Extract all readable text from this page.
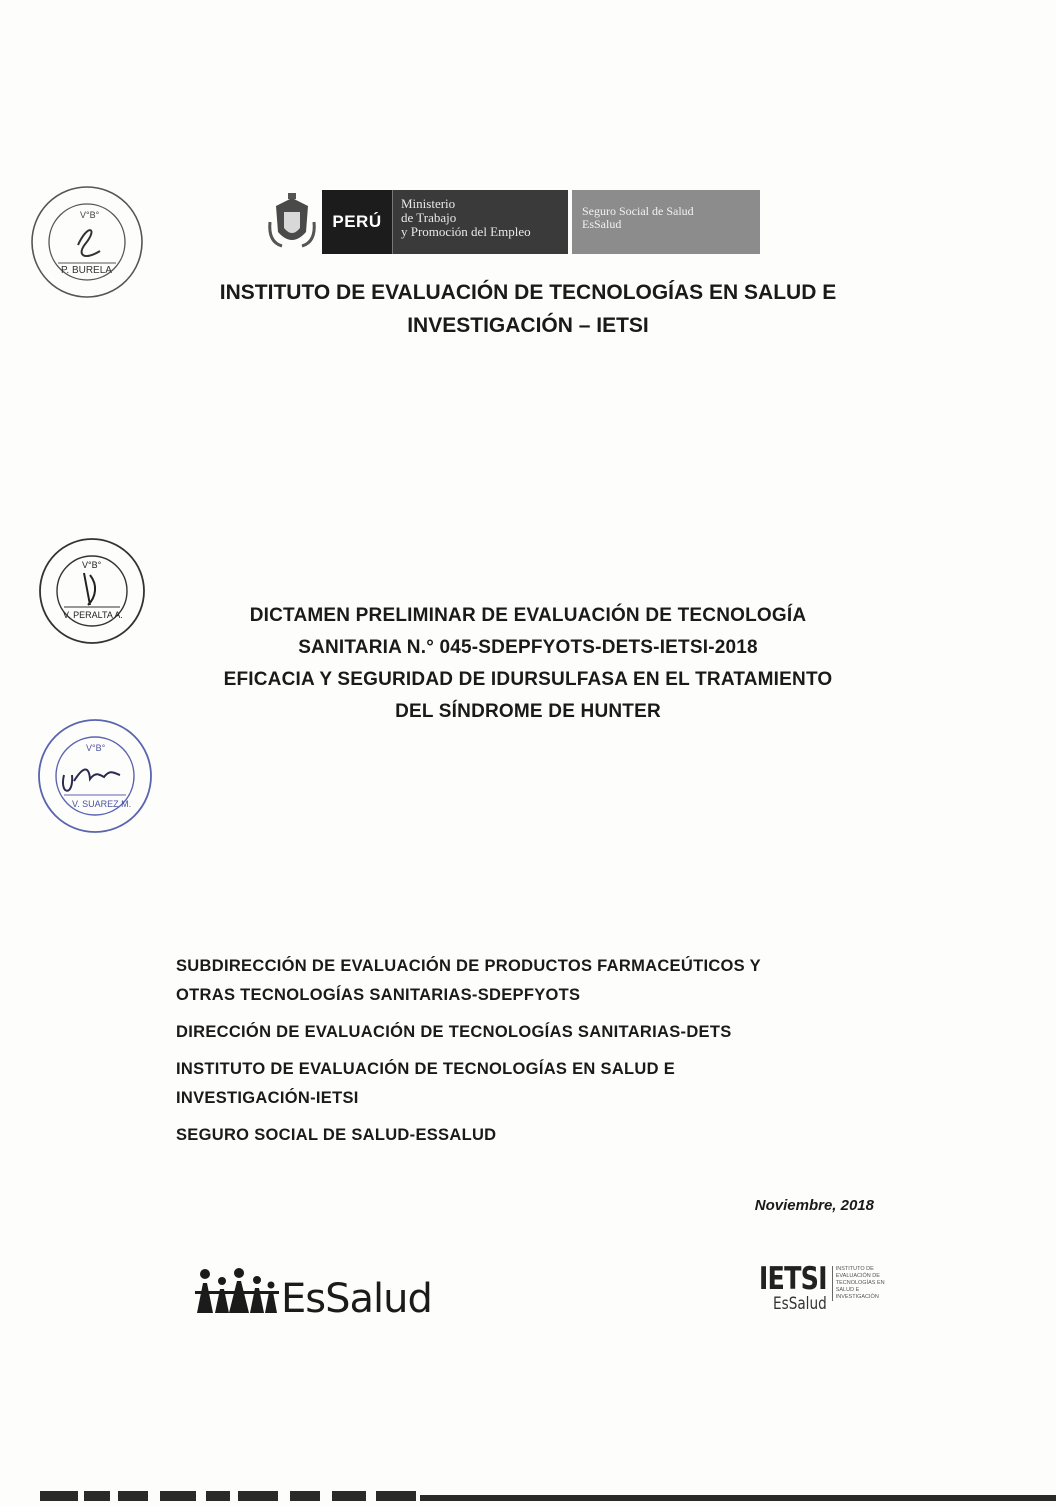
V°B°
P. BURELA
PERÚ
Ministerio
de Trabajo
y Promoción del Empleo
Seguro Social de Salud
EsSalud
INSTITUTO DE EVALUACIÓN DE TECNOLOGÍAS EN SALUD E
INVESTIGACIÓN – IETSI
V°B°
V. PERALTA A.	DICTAMEN PRELIMINAR DE EVALUACIÓN DE TECNOLOGÍA
SANITARIA N.° 045-SDEPFYOTS-DETS-IETSI-2018
EFICACIA Y SEGURIDAD DE IDURSULFASA EN EL TRATAMIENTO
DEL SÍNDROME DE HUNTER
V°B°
V. SUAREZ M.
SUBDIRECCIÓN DE EVALUACIÓN DE PRODUCTOS FARMACEÚTICOS Y
OTRAS TECNOLOGÍAS SANITARIAS-SDEPFYOTS
DIRECCIÓN DE EVALUACIÓN DE TECNOLOGÍAS SANITARIAS-DETS
INSTITUTO DE EVALUACIÓN DE TECNOLOGÍAS EN SALUD E
INVESTIGACIÓN-IETSI
SEGURO SOCIAL DE SALUD-ESSALUD
Noviembre, 2018
EsSalud	IETSI
EsSalud
INSTITUTO DE
EVALUACIÓN DE
TECNOLOGÍAS EN
SALUD E
INVESTIGACIÓN
